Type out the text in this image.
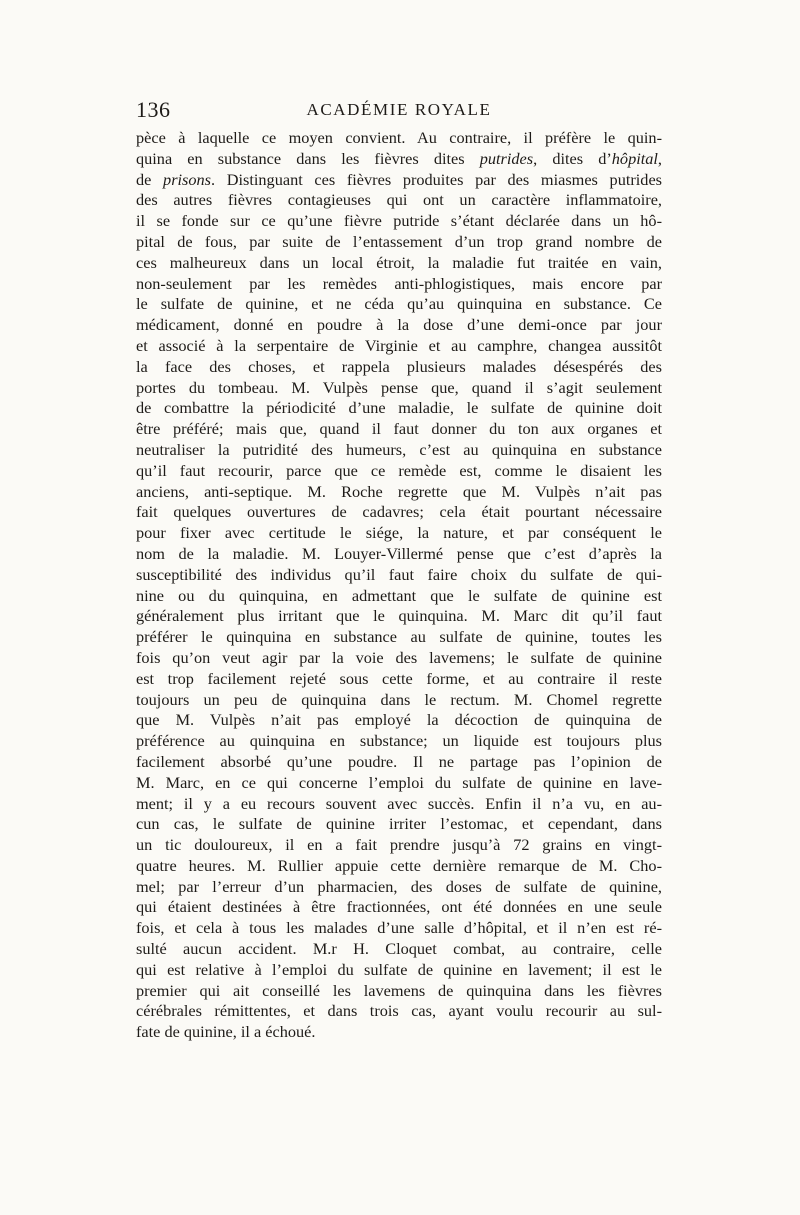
136	ACADÉMIE ROYALE

pèce à laquelle ce moyen convient. Au contraire, il préfère le quin-
quina en substance dans les fièvres dites putrides, dites d’hôpital,
de prisons. Distinguant ces fièvres produites par des miasmes putrides
des autres fièvres contagieuses qui ont un caractère inflammatoire,
il se fonde sur ce qu’une fièvre putride s’étant déclarée dans un hô-
pital de fous, par suite de l’entassement d’un trop grand nombre de
ces malheureux dans un local étroit, la maladie fut traitée en vain,
non-seulement par les remèdes anti-phlogistiques, mais encore par
le sulfate de quinine, et ne céda qu’au quinquina en substance. Ce
médicament, donné en poudre à la dose d’une demi-once par jour
et associé à la serpentaire de Virginie et au camphre, changea aussitôt
la face des choses, et rappela plusieurs malades désespérés des
portes du tombeau. M. Vulpès pense que, quand il s’agit seulement
de combattre la périodicité d’une maladie, le sulfate de quinine doit
être préféré; mais que, quand il faut donner du ton aux organes et
neutraliser la putridité des humeurs, c’est au quinquina en substance
qu’il faut recourir, parce que ce remède est, comme le disaient les
anciens, anti-septique. M. Roche regrette que M. Vulpès n’ait pas
fait quelques ouvertures de cadavres; cela était pourtant nécessaire
pour fixer avec certitude le siége, la nature, et par conséquent le
nom de la maladie. M. Louyer-Villermé pense que c’est d’après la
susceptibilité des individus qu’il faut faire choix du sulfate de qui-
nine ou du quinquina, en admettant que le sulfate de quinine est
généralement plus irritant que le quinquina. M. Marc dit qu’il faut
préférer le quinquina en substance au sulfate de quinine, toutes les
fois qu’on veut agir par la voie des lavemens; le sulfate de quinine
est trop facilement rejeté sous cette forme, et au contraire il reste
toujours un peu de quinquina dans le rectum. M. Chomel regrette
que M. Vulpès n’ait pas employé la décoction de quinquina de
préférence au quinquina en substance; un liquide est toujours plus
facilement absorbé qu’une poudre. Il ne partage pas l’opinion de
M. Marc, en ce qui concerne l’emploi du sulfate de quinine en lave-
ment; il y a eu recours souvent avec succès. Enfin il n’a vu, en au-
cun cas, le sulfate de quinine irriter l’estomac, et cependant, dans
un tic douloureux, il en a fait prendre jusqu’à 72 grains en vingt-
quatre heures. M. Rullier appuie cette dernière remarque de M. Cho-
mel; par l’erreur d’un pharmacien, des doses de sulfate de quinine,
qui étaient destinées à être fractionnées, ont été données en une seule
fois, et cela à tous les malades d’une salle d’hôpital, et il n’en est ré-
sulté aucun accident. M.r H. Cloquet combat, au contraire, celle
qui est relative à l’emploi du sulfate de quinine en lavement; il est le
premier qui ait conseillé les lavemens de quinquina dans les fièvres
cérébrales rémittentes, et dans trois cas, ayant voulu recourir au sul-
fate de quinine, il a échoué.
